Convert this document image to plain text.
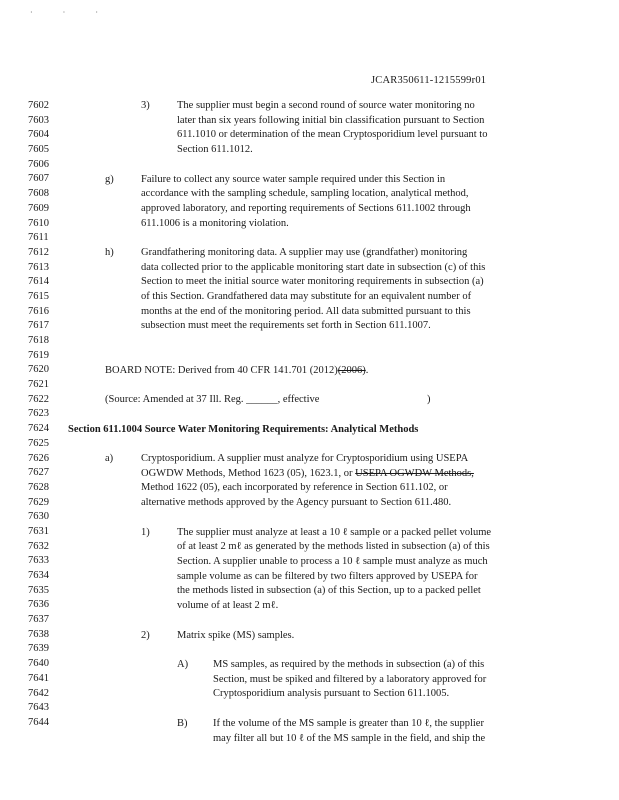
· · ·
JCAR350611-1215599r01
7602
7603
7604
7605
7606
7607
7608
7609
7610
7611
7612
7613
7614
7615
7616
7617
7618
7619
7620
7621
7622
7623
7624
7625
7626
7627
7628
7629
7630
7631
7632
7633
7634
7635
7636
7637
7638
7639
7640
7641
7642
7643
7644
3)	The supplier must begin a second round of source water monitoring no
later than six years following initial bin classification pursuant to Section
611.1010 or determination of the mean Cryptosporidium level pursuant to
Section 611.1012.
g)	Failure to collect any source water sample required under this Section in
accordance with the sampling schedule, sampling location, analytical method,
approved laboratory, and reporting requirements of Sections 611.1002 through
611.1006 is a monitoring violation.
h)	Grandfathering monitoring data. A supplier may use (grandfather) monitoring
data collected prior to the applicable monitoring start date in subsection (c) of this
Section to meet the initial source water monitoring requirements in subsection (a)
of this Section. Grandfathered data may substitute for an equivalent number of
months at the end of the monitoring period. All data submitted pursuant to this
subsection must meet the requirements set forth in Section 611.1007.
BOARD NOTE: Derived from 40 CFR 141.701 (2012)(2006).
(Source: Amended at 37 Ill. Reg. ______, effective	)
Section 611.1004 Source Water Monitoring Requirements: Analytical Methods
a)	Cryptosporidium. A supplier must analyze for Cryptosporidium using USEPA
OGWDW Methods, Method 1623 (05), 1623.1, or USEPA OGWDW Methods,
Method 1622 (05), each incorporated by reference in Section 611.102, or
alternative methods approved by the Agency pursuant to Section 611.480.
1)	The supplier must analyze at least a 10 ℓ sample or a packed pellet volume
of at least 2 mℓ as generated by the methods listed in subsection (a) of this
Section. A supplier unable to process a 10 ℓ sample must analyze as much
sample volume as can be filtered by two filters approved by USEPA for
the methods listed in subsection (a) of this Section, up to a packed pellet
volume of at least 2 mℓ.
2)	Matrix spike (MS) samples.
A) MS samples, as required by the methods in subsection (a) of this
Section, must be spiked and filtered by a laboratory approved for
Cryptosporidium analysis pursuant to Section 611.1005.
B) If the volume of the MS sample is greater than 10 ℓ, the supplier
may filter all but 10 ℓ of the MS sample in the field, and ship the
